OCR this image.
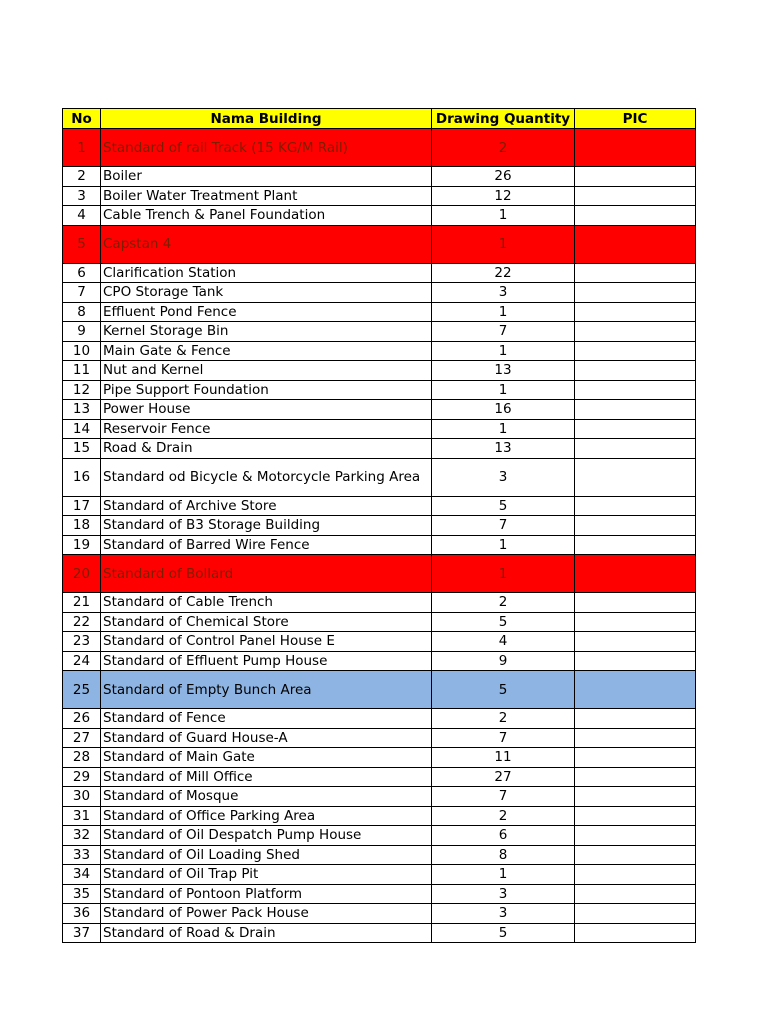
No	Nama Building	Drawing Quantity	PIC
1	Standard of rail Track (15 KG/M Rail)	2	
2	Boiler	26	
3	Boiler Water Treatment Plant	12	
4	Cable Trench & Panel Foundation	1	
5	Capstan 4	1	
6	Clarification Station	22	
7	CPO Storage Tank	3	
8	Effluent Pond Fence	1	
9	Kernel Storage Bin	7	
10	Main Gate & Fence	1	
11	Nut and Kernel	13	
12	Pipe Support Foundation	1	
13	Power House	16	
14	Reservoir Fence	1	
15	Road & Drain	13	
16	Standard od Bicycle & Motorcycle Parking Area	3	
17	Standard of Archive Store	5	
18	Standard of B3 Storage Building	7	
19	Standard of Barred Wire Fence	1	
20	Standard of Bollard	1	
21	Standard of Cable Trench	2	
22	Standard of Chemical Store	5	
23	Standard of Control Panel House E	4	
24	Standard of Effluent Pump House	9	
25	Standard of Empty Bunch Area	5	
26	Standard of Fence	2	
27	Standard of Guard House-A	7	
28	Standard of Main Gate	11	
29	Standard of Mill Office	27	
30	Standard of Mosque	7	
31	Standard of Office Parking Area	2	
32	Standard of Oil Despatch Pump House	6	
33	Standard of Oil Loading Shed	8	
34	Standard of Oil Trap Pit	1	
35	Standard of Pontoon Platform	3	
36	Standard of Power Pack House	3	
37	Standard of Road & Drain	5	
